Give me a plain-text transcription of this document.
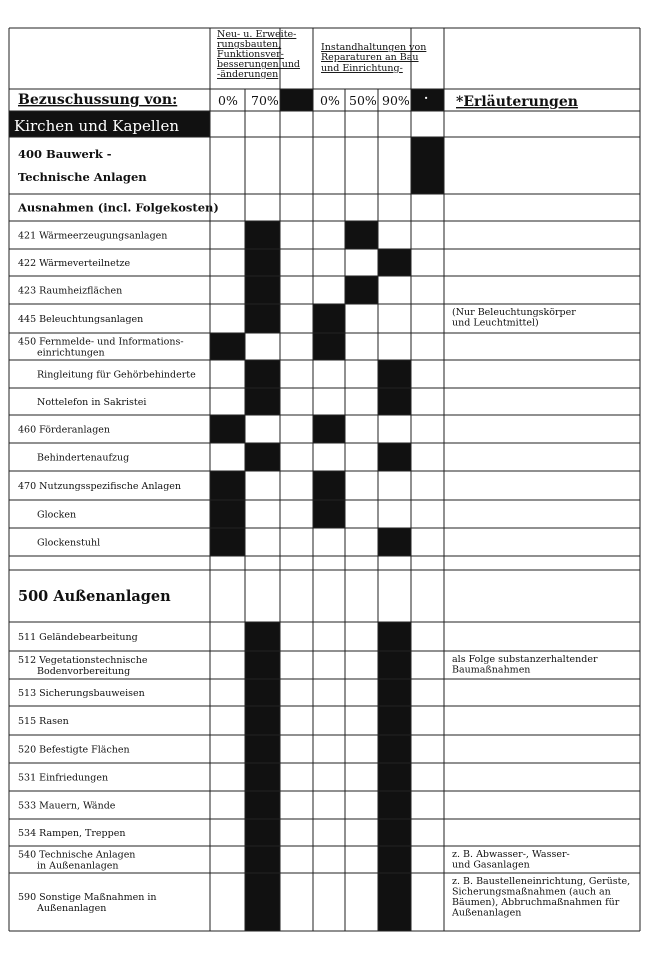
Kirchen und Kapellen
Neu- u. Erweite-
rungsbauten,
Funktionsver-
besserungen und
-änderungen
Instandhaltungen von
Reparaturen an Bau
und Einrichtung-
Bezuschussung von:	0% 70%	0% 50% 90% · *Erläuterungen
400 Bauwerk -
Technische Anlagen
Ausnahmen (incl. Folgekosten)
421 Wärmeerzeugungsanlagen
422 Wärmeverteilnetze
423 Raumheizflächen
445 Beleuchtungsanlagen
(Nur Beleuchtungskörper
und Leuchtmittel)
450 Fernmelde- und Informations-
einrichtungen
Ringleitung für Gehörbehinderte
Nottelefon in Sakristei
460 Förderanlagen
Behindertenaufzug
470 Nutzungsspezifische Anlagen
Glocken
Glockenstuhl
500 Außenanlagen
511 Geländebearbeitung
512 Vegetationstechnische
Bodenvorbereitung
als Folge substanzerhaltender
Baumaßnahmen
513 Sicherungsbauweisen
515 Rasen
520 Befestigte Flächen
531 Einfriedungen
533 Mauern, Wände
534 Rampen, Treppen
540 Technische Anlagen
in Außenanlagen
z. B. Abwasser-, Wasser-
und Gasanlagen
590 Sonstige Maßnahmen in
Außenanlagen
z. B. Baustelleneinrichtung, Gerüste,
Sicherungsmaßnahmen (auch an
Bäumen), Abbruchmaßnahmen für
Außenanlagen
